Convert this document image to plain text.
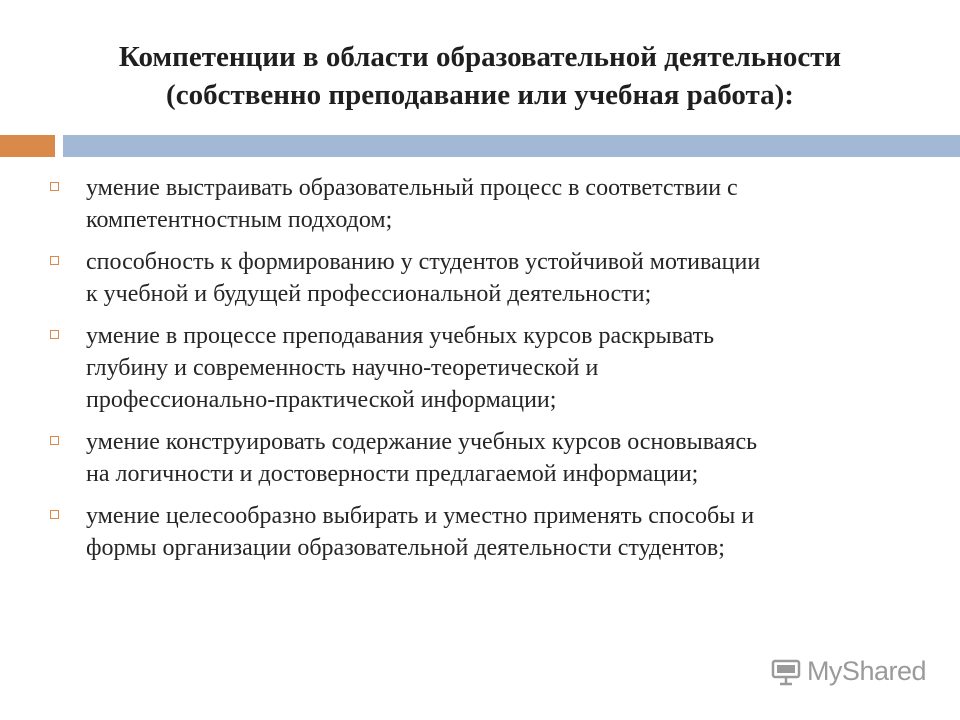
Компетенции в области образовательной деятельности
(собственно преподавание или учебная работа):
умение выстраивать образовательный процесс в соответствии с
компетентностным подходом;
способность к формированию у студентов устойчивой мотивации
к учебной и будущей профессиональной деятельности;
умение в процессе преподавания учебных курсов раскрывать
глубину и современность научно-теоретической и
профессионально-практической информации;
умение конструировать содержание учебных курсов основываясь
на логичности и достоверности предлагаемой информации;
умение целесообразно выбирать и уместно применять способы и
формы организации образовательной деятельности студентов;
MyShared
